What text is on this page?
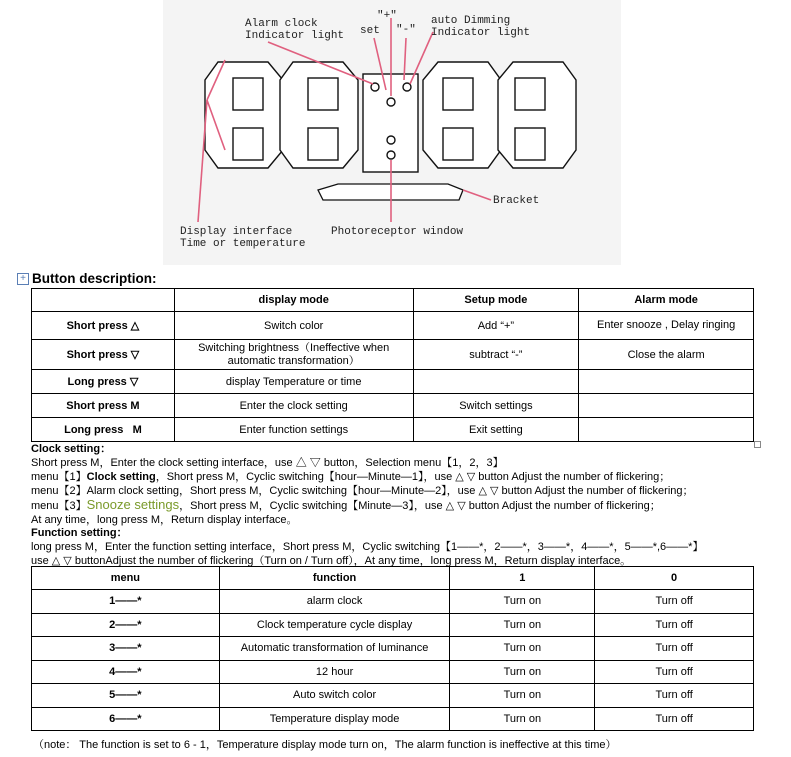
Alarm clock
Indicator light set
"+"
"-"
auto Dimming
Indicator light
Bracket
Display interface
Time or temperature
Photoreceptor window
+ Button description:
	display mode	Setup mode	Alarm mode
Short press △	Switch color	Add “+”	Enter snooze , Delay ringing
Short press ▽	Switching brightness（Ineffective when automatic transformation）	subtract “-”	Close the alarm
Long press ▽	display Temperature or time		
Short press M	Enter the clock setting	Switch settings	
Long press   M	Enter function settings	Exit setting	
Clock setting：
Short press M，Enter the clock setting interface，use △ ▽ button，Selection menu【1，2，3】
menu【1】Clock setting，Short press M，Cyclic switching【hour—Minute—1】，use △ ▽ button Adjust the number of flickering；
menu【2】Alarm clock setting，Short press M，Cyclic switching【hour—Minute—2】，use △ ▽ button Adjust the number of flickering；
menu【3】Snooze settings，Short press M，Cyclic switching【Minute—3】，use △ ▽ button Adjust the number of flickering；
At any time，long press M，Return display interface。
Function setting：
long press M，Enter the function setting interface，Short press M，Cyclic switching【1——*，2——*，3——*，4——*，5——*,6——*】
use △ ▽ buttonAdjust the number of flickering（Turn on / Turn off），At any time，long press M，Return display interface。
menu	function	1	0
1——*	alarm clock	Turn on	Turn off
2——*	Clock temperature cycle display	Turn on	Turn off
3——*	Automatic transformation of luminance	Turn on	Turn off
4——*	12 hour	Turn on	Turn off
5——*	Auto switch color	Turn on	Turn off
6——*	Temperature display mode	Turn on	Turn off
（note： The function is set to 6 - 1，Temperature display mode turn on，The alarm function is ineffective at this time）
